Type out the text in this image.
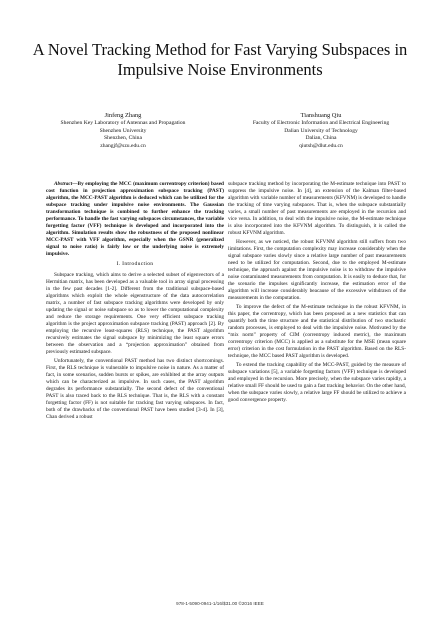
A Novel Tracking Method for Fast Varying Subspaces in Impulsive Noise Environments
Jinfeng Zhang
Shenzhen Key Laboratory of Antennas and Propagation
Shenzhen University
Shenzhen, China
zhangjf@szu.edu.cn
Tianshuang Qiu
Faculty of Electronic Information and Electrical Engineering
Dalian University of Technology
Dalian, China
qiutsh@dlut.edu.cn
Abstract—By employing the MCC (maximum correntropy criterion) based cost function in projection approximation subspace tracking (PAST) algorithm, the MCC-PAST algorithm is deduced which can be utilized for the subspace tracking under impulsive noise environments. The Gaussian transformation technique is combined to further enhance the tracking performance. To handle the fast varying subspaces circumstances, the variable forgetting factor (VFF) technique is developed and incorporated into the algorithm. Simulation results show the robustness of the proposed nonlinear MCC-PAST with VFF algorithm, especially when the GSNR (generalized signal to noise ratio) is fairly low or the underlying noise is extremely impulsive.
I. Introduction

Subspace tracking, which aims to derive a selected subset of eigenvectors of a Hermitian matrix, has been developed as a valuable tool in array signal processing in the few past decades [1-2]. Different from the traditional subspace-based algorithms which exploit the whole eigenstructure of the data autocorrelation matrix, a number of fast subspace tracking algorithms were developed by only updating the signal or noise subspace so as to lower the computational complexity and reduce the storage requirements. One very efficient subspace tracking algorithm is the project approximation subspace tracking (PAST) approach [2]. By employing the recursive least-squares (RLS) technique, the PAST algorithm recursively estimates the signal subspace by minimizing the least square errors between the observation and a “projection approximation” obtained from previously estimated subspace.

Unfortunately, the conventional PAST method has two distinct shortcomings. First, the RLS technique is vulnerable to impulsive noise in nature. As a matter of fact, in some scenarios, sudden bursts or spikes, are exhibited at the array outputs which can be characterized as impulsive. In such cases, the PAST algorithm degrades its performance substantially. The second defect of the conventional PAST is also traced back to the RLS technique. That is, the RLS with a constant forgetting factor (FF) is not suitable for tracking fast varying subspaces. In fact, both of the drawbacks of the conventional PAST have been studied [3-4]. In [3], Chan derived a robust

subspace tracking method by incorporating the M-estimate technique into PAST to suppress the impulsive noise. In [4], an extension of the Kalman filter-based algorithm with variable number of measurements (KFVNM) is developed to handle the tracking of time varying subspaces. That is, when the subspace substantially varies, a small number of past measurements are employed in the recursion and vice versa. In addition, to deal with the impulsive noise, the M-estimate technique is also incorporated into the KFVNM algorithm. To distinguish, it is called the robust KFVNM algorithm.

However, as we noticed, the robust KFVNM algorithm still suffers from two limitations. First, the computation complexity may increase considerably when the signal subspace varies slowly since a relative large number of past measurements need to be utilized for computation. Second, due to the employed M-estimate technique, the approach against the impulsive noise is to withdraw the impulsive noise contaminated measurements from computation. It is easily to deduce that, for the scenario the impulses significantly increase, the estimation error of the algorithm will increase considerably beacause of the excessive withdrawn of the measurements in the computation.

To improve the defect of the M-estimate technique in the robust KFVNM, in this paper, the correntropy, which has been proposed as a new statistics that can quantify both the time structure and the statistical distribution of two stochastic random processes, is employed to deal with the impulsive noise. Motivated by the “mix norm” property of CIM (correntropy induced metric), the maximum correntropy criterion (MCC) is applied as a substitute for the MSE (mean square error) criterion in the cost formulation in the PAST algorithm. Based on the RLS-technique, the MCC based PAST algorithm is developed.

To extend the tracking capability of the MCC-PAST, guided by the measure of subspace variations [5], a variable forgetting factors (VFF) technique is developed and employed in the recursion. More precisely, when the subspace varies rapidly, a relative small FF should be used to gain a fast tracking behavior. On the other hand, when the subspace varies slowly, a relative large FF should be utilized to achieve a good convergence property.

978-1-5090-0941-1/16/$31.00 ©2016 IEEE
